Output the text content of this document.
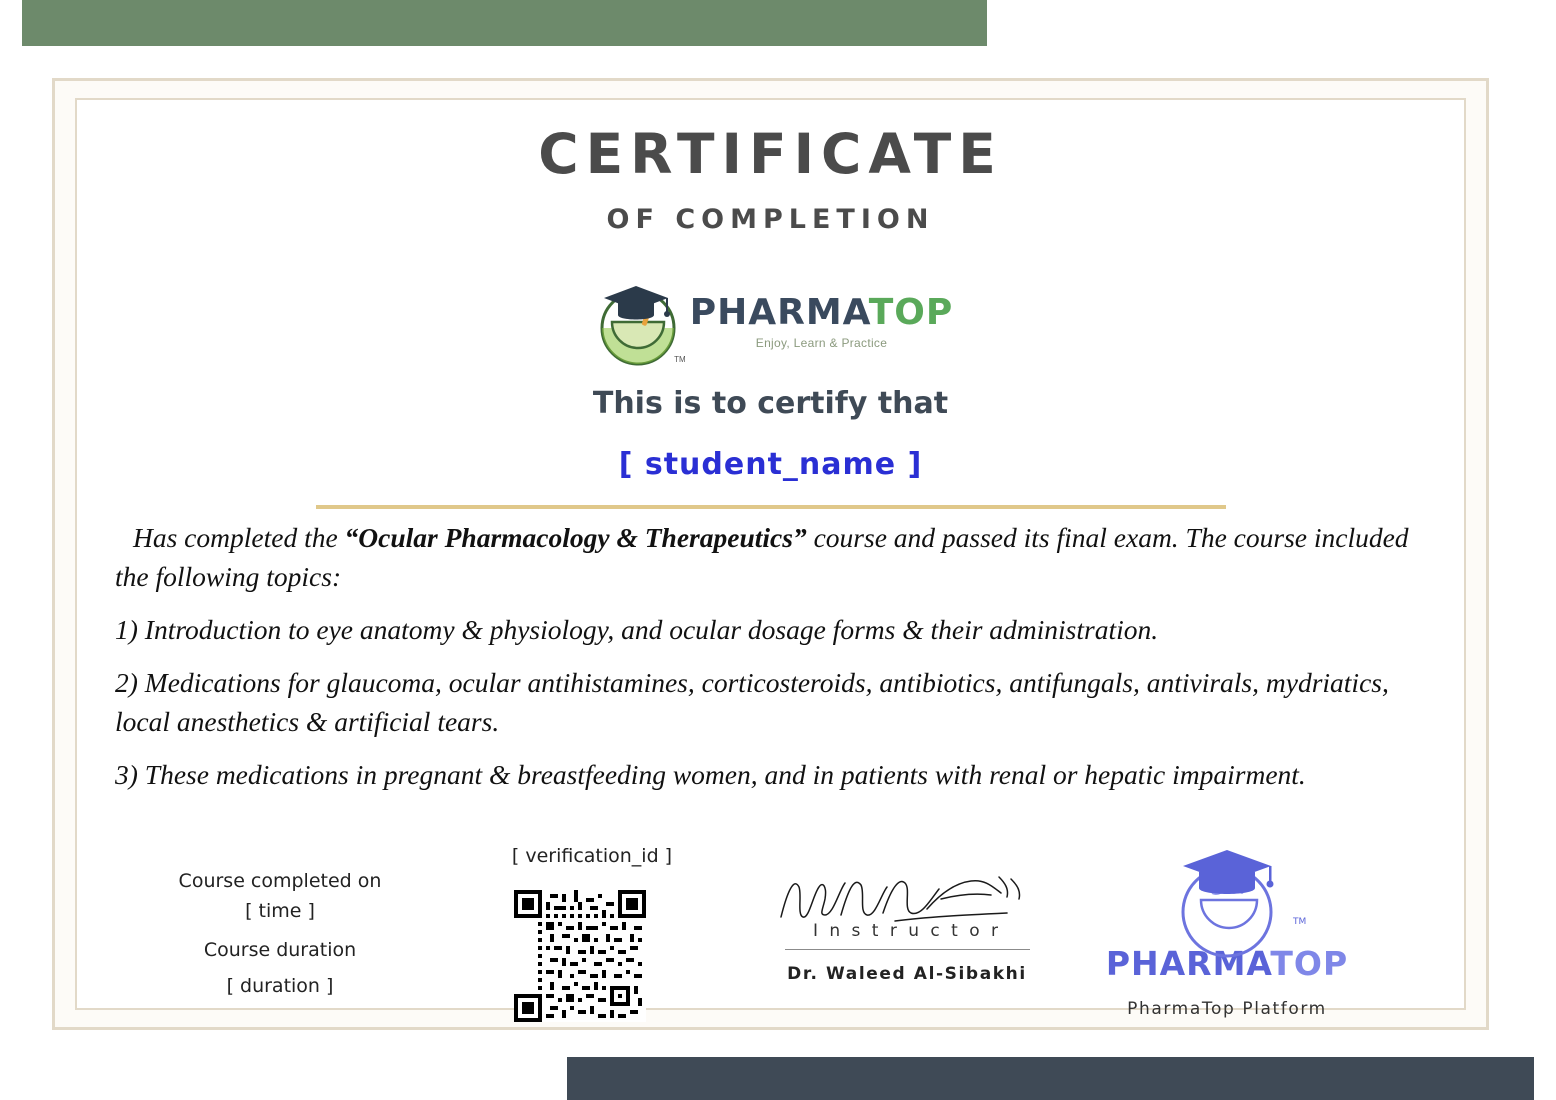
CERTIFICATE
OF COMPLETION
TM
PHARMATOP
Enjoy, Learn & Practice
This is to certify that
[ student_name ]

Has completed the “Ocular Pharmacology & Therapeutics” course and passed its final exam. The course included the following topics:

1) Introduction to eye anatomy & physiology, and ocular dosage forms & their administration.

2) Medications for glaucoma, ocular antihistamines, corticosteroids, antibiotics, antifungals, antivirals, mydriatics, local anesthetics & artificial tears.

3) These medications in pregnant & breastfeeding women, and in patients with renal or hepatic impairment.

Course completed on
[ time ]
Course duration
[ duration ]
[ verification_id ]
I n s t r u c t o r
Dr. Waleed Al-Sibakhi
TM
PHARMATOP
PharmaTop Platform
